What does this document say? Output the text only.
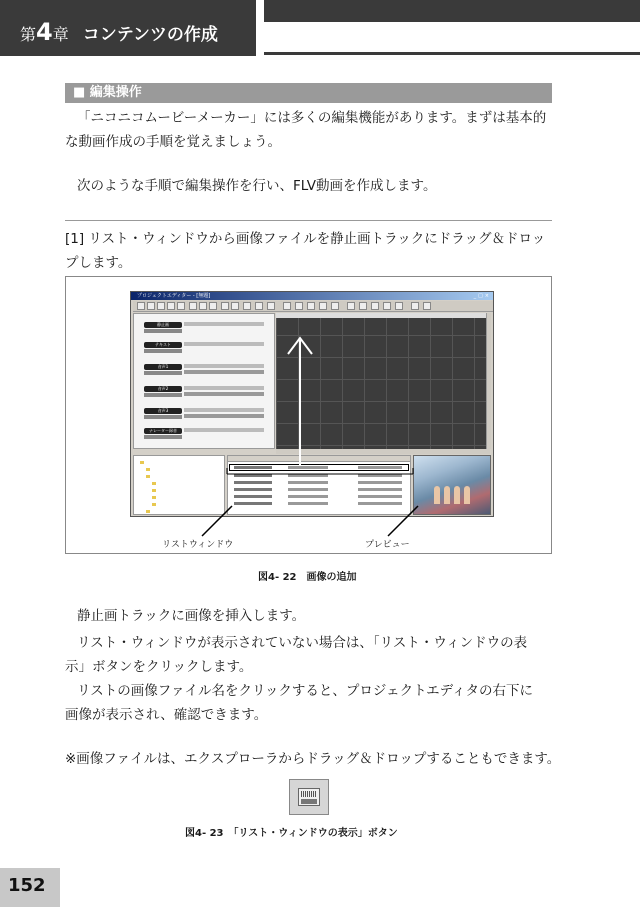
第4章 コンテンツの作成
■ 編集操作
「ニコニコムービーメーカー」には多くの編集機能があります。まずは基本的
な動画作成の手順を覚えましょう。
次のような手順で編集操作を行い、FLV動画を作成します。
[1] リスト・ウィンドウから画像ファイルを静止画トラックにドラッグ＆ドロッ
プします。
プロジェクトエディター - [無題]	_□×
静止画
テキスト
音声1
音声2
音声3
ナレーター録音
リストウィンドウ	プレビュー
図4- 22　画像の追加
静止画トラックに画像を挿入します。
リスト・ウィンドウが表示されていない場合は、「リスト・ウィンドウの表
示」ボタンをクリックします。
リストの画像ファイル名をクリックすると、プロジェクトエディタの右下に
画像が表示され、確認できます。
※画像ファイルは、エクスプローラからドラッグ＆ドロップすることもできます。
図4- 23　「リスト・ウィンドウの表示」ボタン
152
